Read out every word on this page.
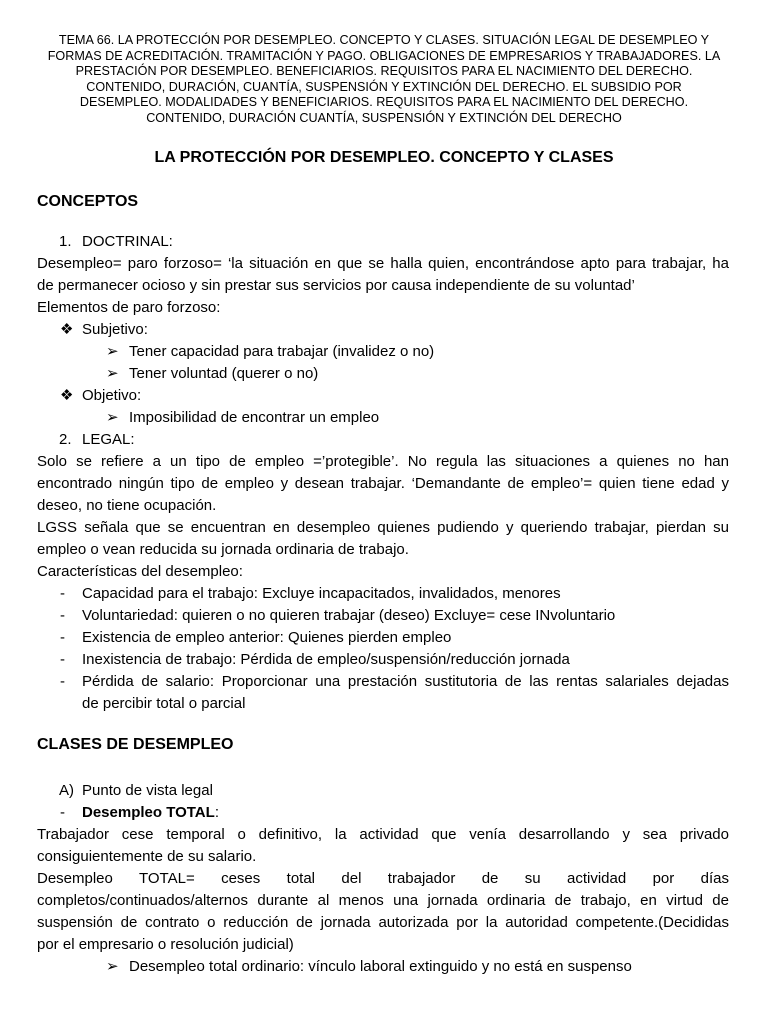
TEMA 66. LA PROTECCIÓN POR DESEMPLEO. CONCEPTO Y CLASES. SITUACIÓN LEGAL DE DESEMPLEO Y
FORMAS DE ACREDITACIÓN. TRAMITACIÓN Y PAGO. OBLIGACIONES DE EMPRESARIOS Y TRABAJADORES. LA
PRESTACIÓN POR DESEMPLEO. BENEFICIARIOS. REQUISITOS PARA EL NACIMIENTO DEL DERECHO.
CONTENIDO, DURACIÓN, CUANTÍA, SUSPENSIÓN Y EXTINCIÓN DEL DERECHO. EL SUBSIDIO POR
DESEMPLEO. MODALIDADES Y BENEFICIARIOS. REQUISITOS PARA EL NACIMIENTO DEL DERECHO.
CONTENIDO, DURACIÓN CUANTÍA, SUSPENSIÓN Y EXTINCIÓN DEL DERECHO
LA PROTECCIÓN POR DESEMPLEO. CONCEPTO Y CLASES
CONCEPTOS
1. DOCTRINAL:
Desempleo= paro forzoso= ‘la situación en que se halla quien, encontrándose apto para trabajar, ha
de permanecer ocioso y sin prestar sus servicios por causa independiente de su voluntad’
Elementos de paro forzoso:
❖ Subjetivo:
➢ Tener capacidad para trabajar (invalidez o no)
➢ Tener voluntad (querer o no)
❖ Objetivo:
➢ Imposibilidad de encontrar un empleo
2. LEGAL:
Solo se refiere a un tipo de empleo =’protegible’. No regula las situaciones a quienes no han
encontrado ningún tipo de empleo y desean trabajar. ‘Demandante de empleo’= quien tiene edad y
deseo, no tiene ocupación.
LGSS señala que se encuentran en desempleo quienes pudiendo y queriendo trabajar, pierdan su
empleo o vean reducida su jornada ordinaria de trabajo.
Características del desempleo:
- Capacidad para el trabajo: Excluye incapacitados, invalidados, menores
- Voluntariedad: quieren o no quieren trabajar (deseo) Excluye= cese INvoluntario
- Existencia de empleo anterior: Quienes pierden empleo
- Inexistencia de trabajo: Pérdida de empleo/suspensión/reducción jornada
- Pérdida de salario: Proporcionar una prestación sustitutoria de las rentas salariales dejadas
de percibir total o parcial
CLASES DE DESEMPLEO
A) Punto de vista legal
- Desempleo TOTAL:
Trabajador cese temporal o definitivo, la actividad que venía desarrollando y sea privado
consiguientemente de su salario.
Desempleo TOTAL= ceses total del trabajador de su actividad por días
completos/continuados/alternos durante al menos una jornada ordinaria de trabajo, en virtud de
suspensión de contrato o reducción de jornada autorizada por la autoridad competente.(Decididas
por el empresario o resolución judicial)
➢ Desempleo total ordinario: vínculo laboral extinguido y no está en suspenso
